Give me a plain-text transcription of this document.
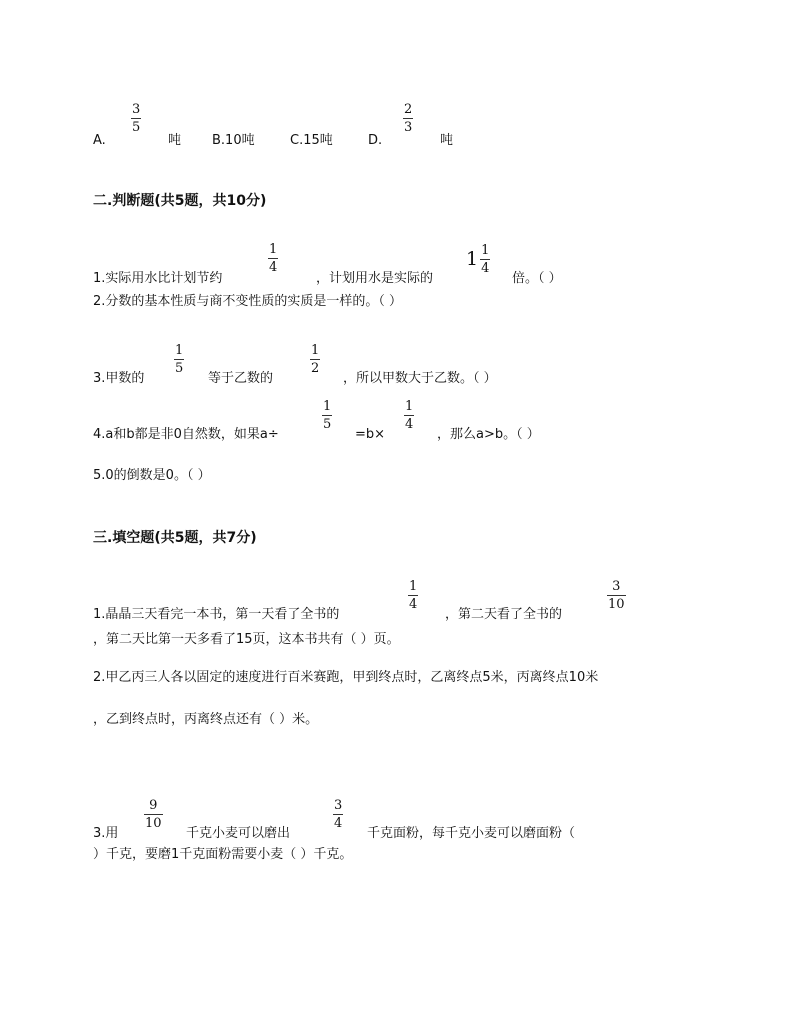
A.
3
5
吨 B.10吨	C.15吨	D.
2
3
吨
二.判断题(共5题，共10分)
1.实际用水比计划节约
1
4
，计划用水是实际的
$1 \frac{1}{4}$
倍。（ ）
2.分数的基本性质与商不变性质的实质是一样的。（ ）
3.甲数的
1
5
等于乙数的
1
2
，所以甲数大于乙数。（ ）
4.a和b都是非0自然数，如果a÷
1
5
=b×
1
4
，那么a>b。（ ）
5.0的倒数是0。（ ）
三.填空题(共5题，共7分)
1.晶晶三天看完一本书，第一天看了全书的
1
4
，第二天看了全书的
3
10
，第二天比第一天多看了15页，这本书共有（ ）页。
2.甲乙丙三人各以固定的速度进行百米赛跑，甲到终点时，乙离终点5米，丙离终点10米
，乙到终点时，丙离终点还有（ ）米。
3.用
9
10
千克小麦可以磨出
3
4
千克面粉，每千克小麦可以磨面粉（
）千克，要磨1千克面粉需要小麦（ ）千克。
